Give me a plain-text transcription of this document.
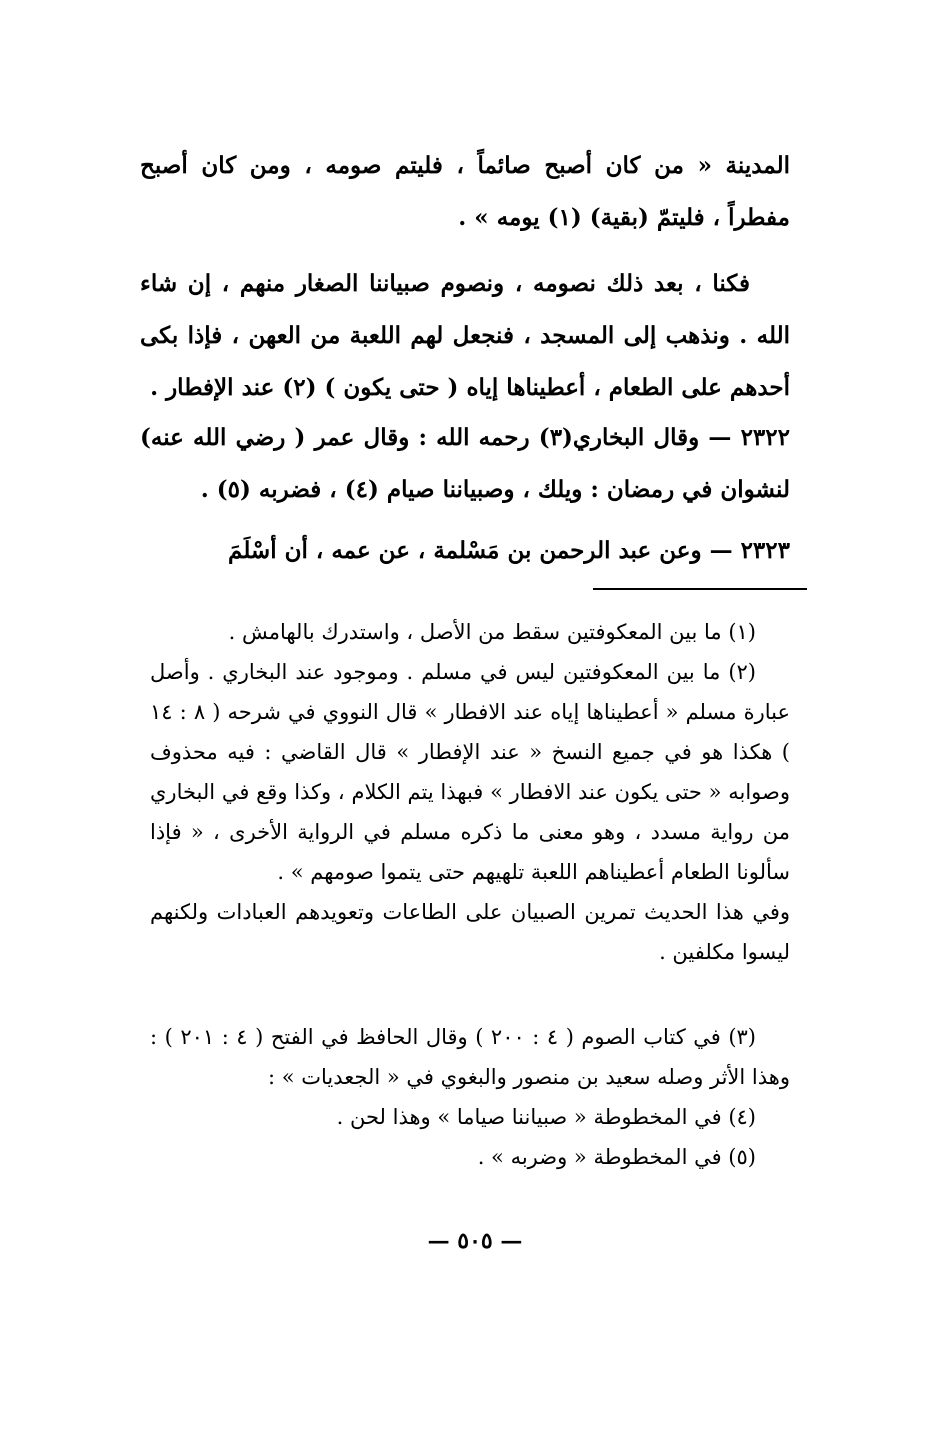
المدينة « من كان أصبح صائماً ، فليتم صومه ، ومن كان أصبح مفطراً ، فليتمّ (بقية) (١) يومه » .

فكنا ، بعد ذلك نصومه ، ونصوم صبياننا الصغار منهم ، إن شاء الله . ونذهب إلى المسجد ، فنجعل لهم اللعبة من العهن ، فإذا بكى أحدهم على الطعام ، أعطيناها إياه ( حتى يكون ) (٢) عند الإفطار .

٢٣٢٢ — وقال البخاري(٣) رحمه الله : وقال عمر ( رضي الله عنه) لنشوان في رمضان : ويلك ، وصبياننا صيام (٤) ، فضربه (٥) .

٢٣٢٣ — وعن عبد الرحمن بن مَسْلمة ، عن عمه ، أن أسْلَمَ

(١) ما بين المعكوفتين سقط من الأصل ، واستدرك بالهامش .

(٢) ما بين المعكوفتين ليس في مسلم . وموجود عند البخاري . وأصل عبارة مسلم « أعطيناها إياه عند الافطار » قال النووي في شرحه ( ٨ : ١٤ ) هكذا هو في جميع النسخ « عند الإفطار » قال القاضي : فيه محذوف وصوابه « حتى يكون عند الافطار » فبهذا يتم الكلام ، وكذا وقع في البخاري من رواية مسدد ، وهو معنى ما ذكره مسلم في الرواية الأخرى ، « فإذا سألونا الطعام أعطيناهم اللعبة تلهيهم حتى يتموا صومهم » .

وفي هذا الحديث تمرين الصبيان على الطاعات وتعويدهم العبادات ولكنهم ليسوا مكلفين .

(٣) في كتاب الصوم ( ٤ : ٢٠٠ ) وقال الحافظ في الفتح ( ٤ : ٢٠١ ) : وهذا الأثر وصله سعيد بن منصور والبغوي في « الجعديات » :

(٤) في المخطوطة « صبياننا صياما » وهذا لحن .

(٥) في المخطوطة « وضربه » .

— ٥٠٥ —
